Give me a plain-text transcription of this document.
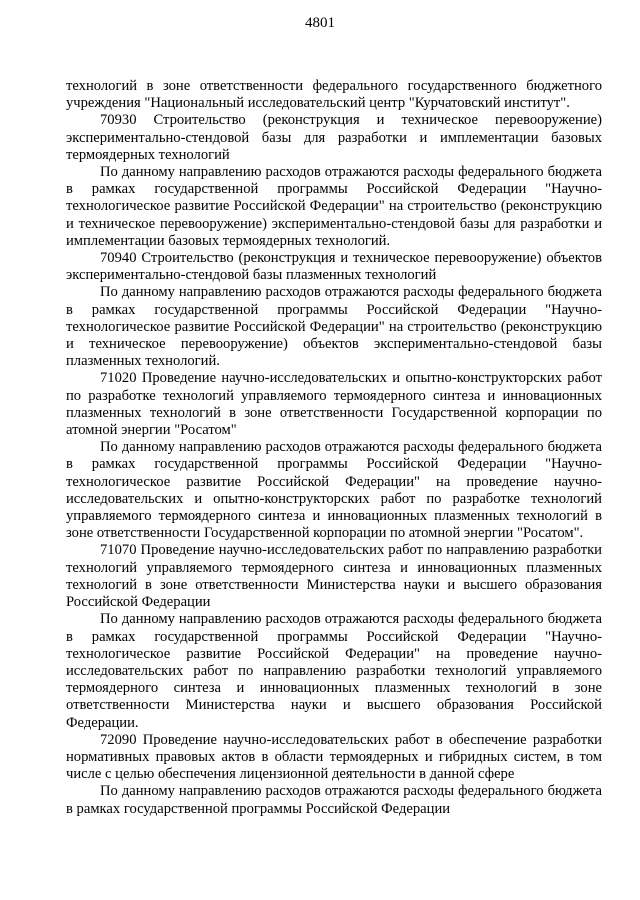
4801

технологий в зоне ответственности федерального государственного бюджетного учреждения "Национальный исследовательский центр "Курчатовский институт".

70930 Строительство (реконструкция и техническое перевооружение) экспериментально-стендовой базы для разработки и имплементации базовых термоядерных технологий

По данному направлению расходов отражаются расходы федерального бюджета в рамках государственной программы Российской Федерации "Научно-технологическое развитие Российской Федерации" на строительство (реконструкцию и техническое перевооружение) экспериментально-стендовой базы для разработки и имплементации базовых термоядерных технологий.

70940 Строительство (реконструкция и техническое перевооружение) объектов экспериментально-стендовой базы плазменных технологий

По данному направлению расходов отражаются расходы федерального бюджета в рамках государственной программы Российской Федерации "Научно-технологическое развитие Российской Федерации" на строительство (реконструкцию и техническое перевооружение) объектов экспериментально-стендовой базы плазменных технологий.

71020 Проведение научно-исследовательских и опытно-конструкторских работ по разработке технологий управляемого термоядерного синтеза и инновационных плазменных технологий в зоне ответственности Государственной корпорации по атомной энергии "Росатом"

По данному направлению расходов отражаются расходы федерального бюджета в рамках государственной программы Российской Федерации "Научно-технологическое развитие Российской Федерации" на проведение научно-исследовательских и опытно-конструкторских работ по разработке технологий управляемого термоядерного синтеза и инновационных плазменных технологий в зоне ответственности Государственной корпорации по атомной энергии "Росатом".

71070 Проведение научно-исследовательских работ по направлению разработки технологий управляемого термоядерного синтеза и инновационных плазменных технологий в зоне ответственности Министерства науки и высшего образования Российской Федерации

По данному направлению расходов отражаются расходы федерального бюджета в рамках государственной программы Российской Федерации "Научно-технологическое развитие Российской Федерации" на проведение научно-исследовательских работ по направлению разработки технологий управляемого термоядерного синтеза и инновационных плазменных технологий в зоне ответственности Министерства науки и высшего образования Российской Федерации.

72090 Проведение научно-исследовательских работ в обеспечение разработки нормативных правовых актов в области термоядерных и гибридных систем, в том числе с целью обеспечения лицензионной деятельности в данной сфере

По данному направлению расходов отражаются расходы федерального бюджета в рамках государственной программы Российской Федерации
